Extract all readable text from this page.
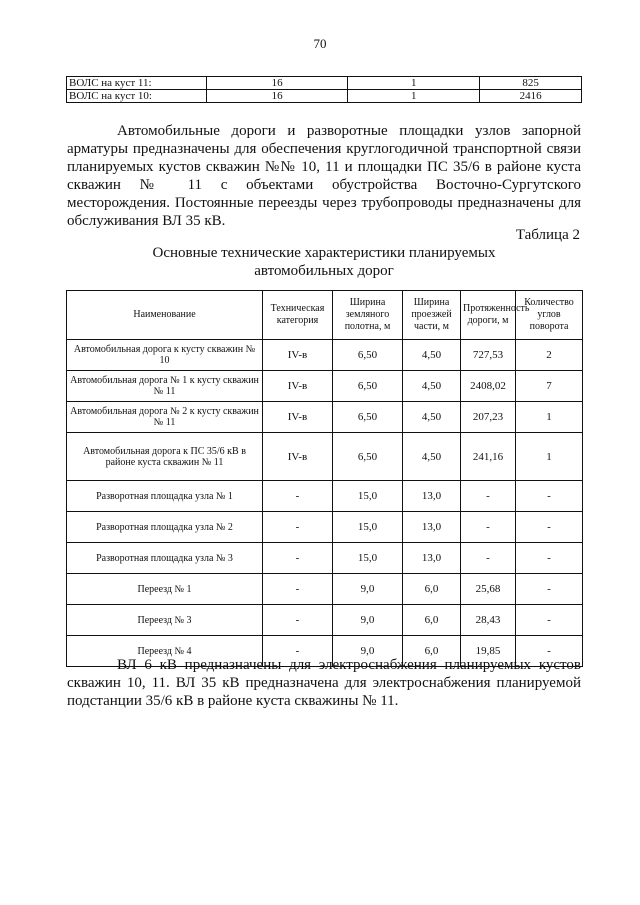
70
ВОЛС на куст 11:	16	1	825
ВОЛС на куст 10:	16	1	2416

Автомобильные дороги и разворотные площадки узлов запорной арматуры предназначены для обеспечения круглогодичной транспортной связи планируемых кустов скважин №№ 10, 11 и площадки ПС 35/6 в районе куста скважин № 11 с объектами обустройства Восточно-Сургутского месторождения. Постоянные переезды через трубопроводы предназначены для обслуживания ВЛ 35 кВ.

Таблица 2
Основные технические характеристики планируемых
автомобильных дорог
Наименование	Техническая категория	Ширина земляного полотна, м	Ширина проезжей части, м	Протяженность дороги, м	Количество углов поворота
Автомобильная дорога к кусту скважин № 10	IV-в	6,50	4,50	727,53	2
Автомобильная дорога № 1 к кусту скважин № 11	IV-в	6,50	4,50	2408,02	7
Автомобильная дорога № 2 к кусту скважин № 11	IV-в	6,50	4,50	207,23	1
Автомобильная дорога к ПС 35/6 кВ в районе куста скважин № 11	IV-в	6,50	4,50	241,16	1
Разворотная площадка узла № 1	-	15,0	13,0	-	-
Разворотная площадка узла № 2	-	15,0	13,0	-	-
Разворотная площадка узла № 3	-	15,0	13,0	-	-
Переезд № 1	-	9,0	6,0	25,68	-
Переезд № 3	-	9,0	6,0	28,43	-
Переезд № 4	-	9,0	6,0	19,85	-

ВЛ 6 кВ предназначены для электроснабжения планируемых кустов скважин 10, 11. ВЛ 35 кВ предназначена для электроснабжения планируемой подстанции 35/6 кВ в районе куста скважины № 11.
